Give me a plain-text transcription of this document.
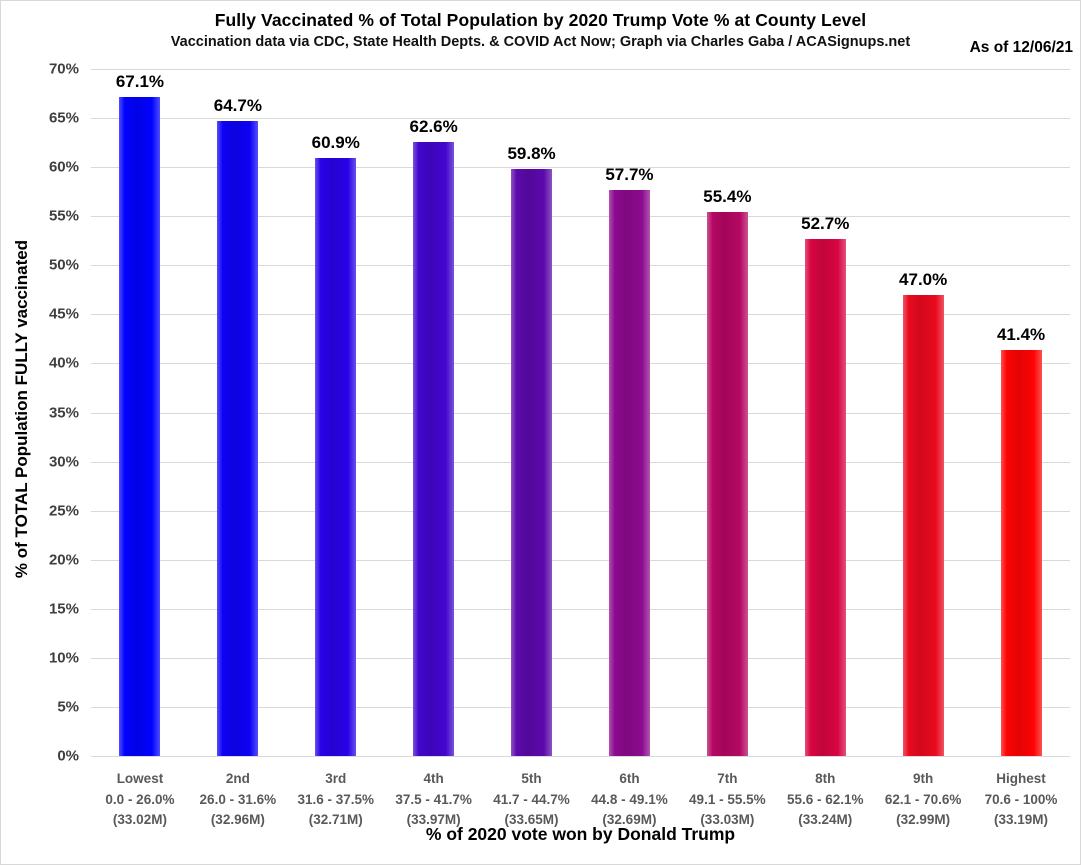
Fully Vaccinated % of Total Population by 2020 Trump Vote % at County Level
Vaccination data via CDC, State Health Depts. & COVID Act Now; Graph via Charles Gaba / ACASignups.net	As of 12/06/21
% of TOTAL Population FULLY vaccinated
0%
5%
10%
15%
20%
25%
30%
35%
40%
45%
50%
55%
60%
65%
70%
67.1%
Lowest
0.0 - 26.0%
(33.02M)
64.7%
2nd
26.0 - 31.6%
(32.96M)
60.9%
3rd
31.6 - 37.5%
(32.71M)
62.6%
4th
37.5 - 41.7%
(33.97M)
59.8%
5th
41.7 - 44.7%
(33.65M)
57.7%
6th
44.8 - 49.1%
(32.69M)
55.4%
7th
49.1 - 55.5%
(33.03M)
52.7%
8th
55.6 - 62.1%
(33.24M)
47.0%
9th
62.1 - 70.6%
(32.99M)
41.4%
Highest
70.6 - 100%
(33.19M)
% of 2020 vote won by Donald Trump
